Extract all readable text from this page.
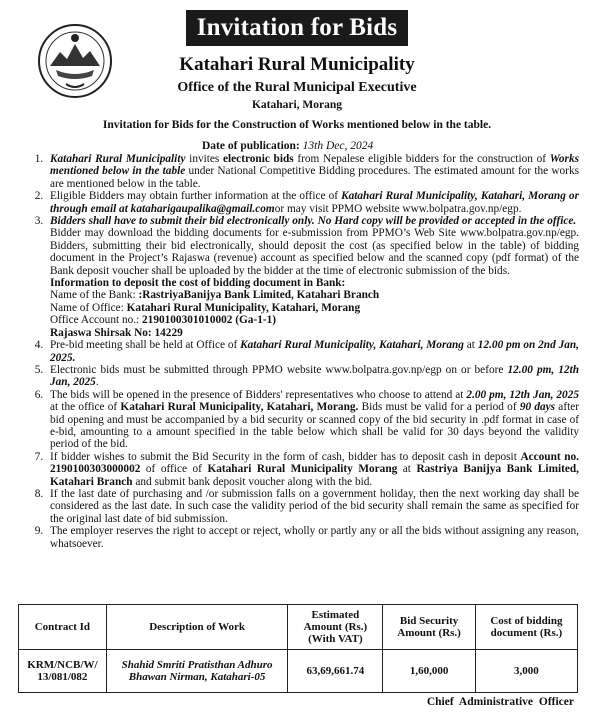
Invitation for Bids
Katahari Rural Municipality
Office of the Rural Municipal Executive
Katahari, Morang
Invitation for Bids for the Construction of Works mentioned below in the table.
Date of publication: 13th Dec, 2024
1. Katahari Rural Municipality invites electronic bids from Nepalese eligible bidders for the construction of Works mentioned below in the table under National Competitive Bidding procedures. The estimated amount for the works are mentioned below in the table.
2. Eligible Bidders may obtain further information at the office of Katahari Rural Municipality, Katahari, Morang or through email at kataharigaupalika@gmail.comor may visit PPMO website www.bolpatra.gov.np/egp.
3. Bidders shall have to submit their bid electronically only. No Hard copy will be provided or accepted in the office.
Bidder may download the bidding documents for e-submission from PPMO’s Web Site www.bolpatra.gov.np/egp. Bidders, submitting their bid electronically, should deposit the cost (as specified below in the table) of bidding document in the Project’s Rajaswa (revenue) account as specified below and the scanned copy (pdf format) of the Bank deposit voucher shall be uploaded by the bidder at the time of electronic submission of the bids.

Information to deposit the cost of bidding document in Bank:
Name of the Bank: :RastriyaBanijya Bank Limited, Katahari Branch
Name of Office: Katahari Rural Municipality, Katahari, Morang
Office Account no.: 2190100301010002 (Ga-1-1)
Rajaswa Shirsak No: 14229
4. Pre-bid meeting shall be held at Office of Katahari Rural Municipality, Katahari, Morang at 12.00 pm on 2nd Jan, 2025.
5. Electronic bids must be submitted through PPMO website www.bolpatra.gov.np/egp on or before 12.00 pm, 12th Jan, 2025.
6. The bids will be opened in the presence of Bidders' representatives who choose to attend at 2.00 pm, 12th Jan, 2025 at the office of Katahari Rural Municipality, Katahari, Morang. Bids must be valid for a period of 90 days after bid opening and must be accompanied by a bid security or scanned copy of the bid security in .pdf format in case of e-bid, amounting to a amount specified in the table below which shall be valid for 30 days beyond the validity period of the bid.
7. If bidder wishes to submit the Bid Security in the form of cash, bidder has to deposit cash in deposit Account no. 2190100303000002 of office of Katahari Rural Municipality Morang at Rastriya Banijya Bank Limited, Katahari Branch and submit bank deposit voucher along with the bid.
8. If the last date of purchasing and /or submission falls on a government holiday, then the next working day shall be considered as the last date. In such case the validity period of the bid security shall remain the same as specified for the original last date of bid submission.
9. The employer reserves the right to accept or reject, wholly or partly any or all the bids without assigning any reason, whatsoever.
Contract Id	Description of Work	Estimated Amount (Rs.) (With VAT)	Bid Security Amount (Rs.)	Cost of bidding document (Rs.)
KRM/NCB/W/ 13/081/082	Shahid Smriti Pratisthan Adhuro Bhawan Nirman, Katahari-05	63,69,661.74	1,60,000	3,000
Chief Administrative Officer
